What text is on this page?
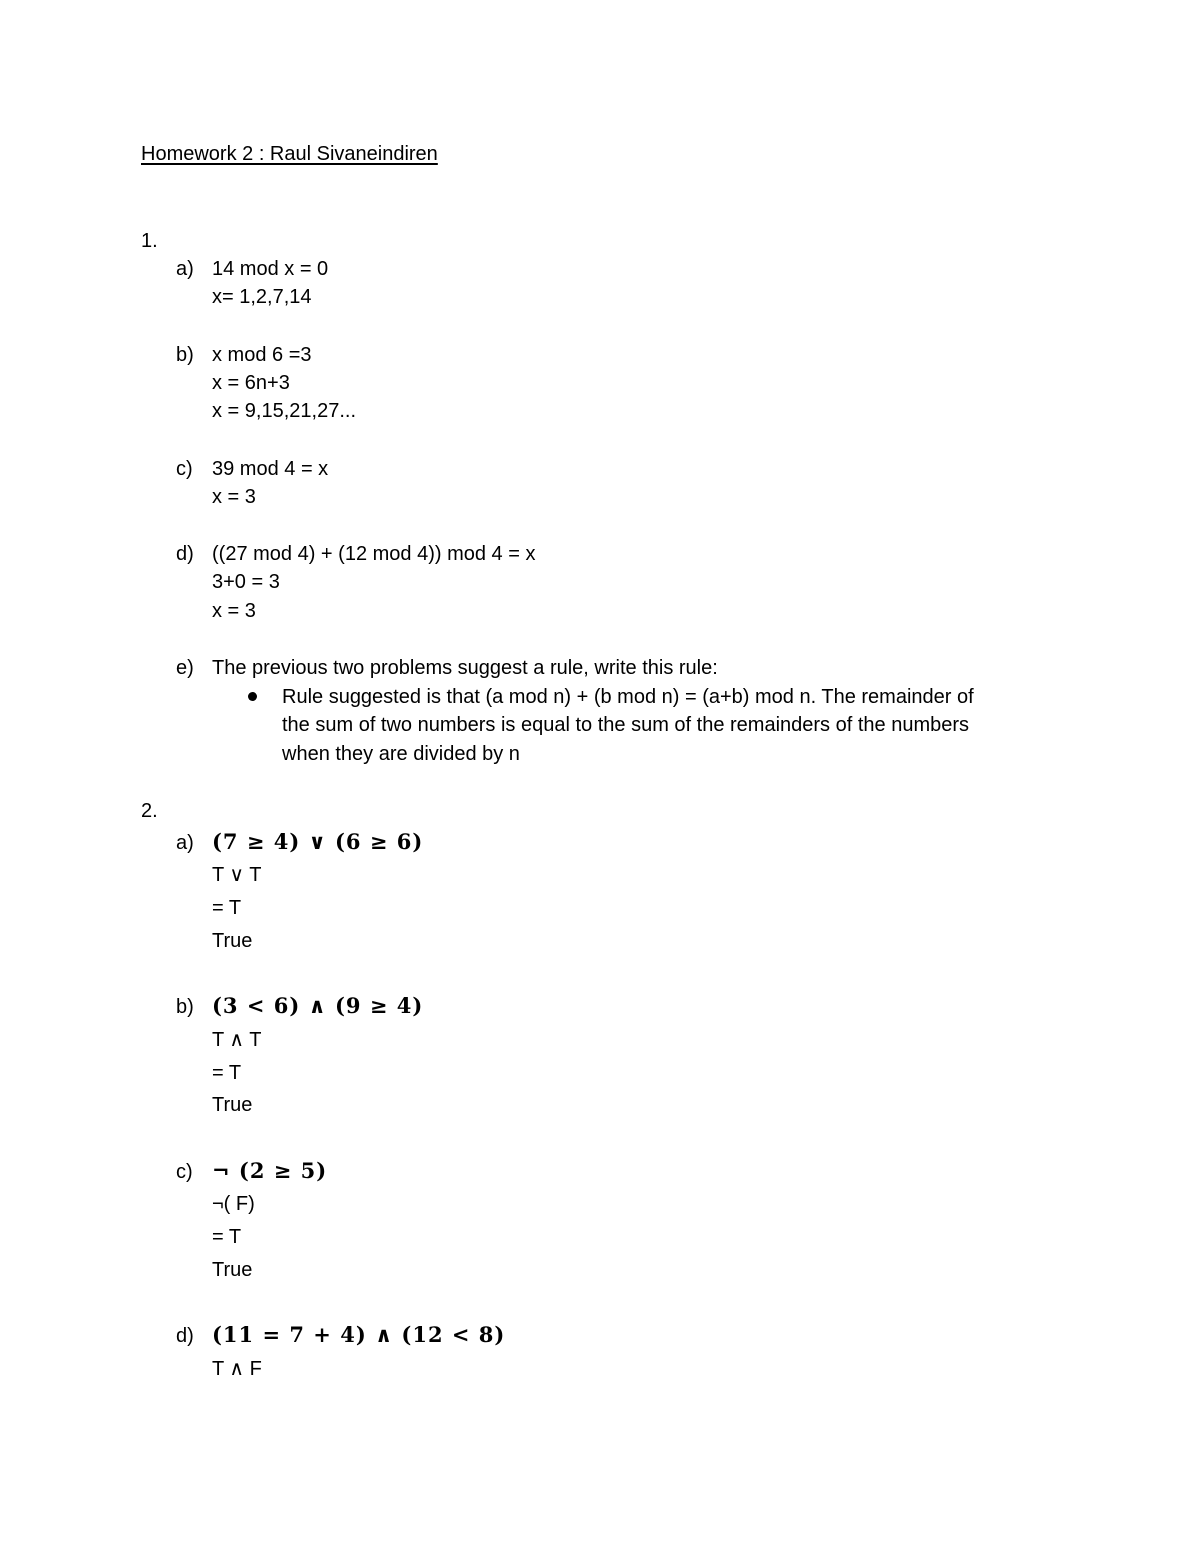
Homework 2 : Raul Sivaneindiren
1.
a) 14 mod x = 0
x= 1,2,7,14
b) x mod 6 =3
x = 6n+3
x = 9,15,21,27...
c) 39 mod 4 = x
x = 3
d) ((27 mod 4) + (12 mod 4)) mod 4 = x
3+0 = 3
x = 3
e) The previous two problems suggest a rule, write this rule:
Rule suggested is that (a mod n) + (b mod n) = (a+b) mod n. The remainder of
the sum of two numbers is equal to the sum of the remainders of the numbers
when they are divided by n
2.
a) (7 ≥ 4) ∨ (6 ≥ 6)
T ∨ T
= T
True
b) (3 < 6) ∧ (9 ≥ 4)
T ∧ T
= T
True
c) ¬ (2 ≥ 5)
¬( F)
= T
True
d) (11 = 7 + 4) ∧ (12 < 8)
T ∧ F
